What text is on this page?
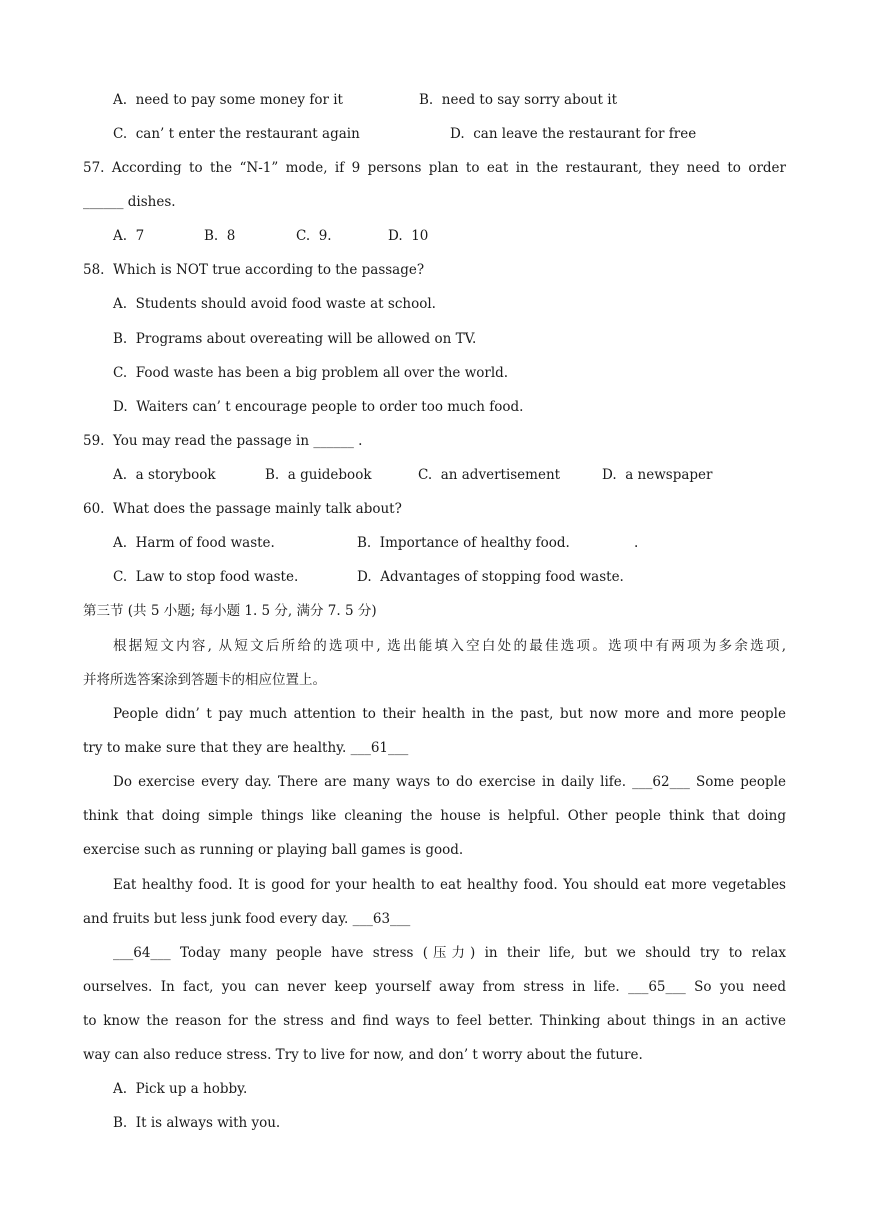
A.  need to pay some money for it	B.  need to say sorry about it
C.  can’ t enter the restaurant again	D.  can leave the restaurant for free
57. According to the “N-1” mode, if 9 persons plan to eat in the restaurant, they need to order
______ dishes.
A.  7	B.  8	C.  9.	D.  10
58.  Which is NOT true according to the passage?
A.  Students should avoid food waste at school.
B.  Programs about overeating will be allowed on TV.
C.  Food waste has been a big problem all over the world.
D.  Waiters can’ t encourage people to order too much food.
59.  You may read the passage in ______ .
A.  a storybook	B.  a guidebook	C.  an advertisement	D.  a newspaper
60.  What does the passage mainly talk about?
A.  Harm of food waste.	B.  Importance of healthy food.	.
C.  Law to stop food waste.	D.  Advantages of stopping food waste.
第三节 (共 5 小题; 每小题 1. 5 分, 满分 7. 5 分)
根据短文内容, 从短文后所给的选项中, 选出能填入空白处的最佳选项。选项中有两项为多余选项,
并将所选答案涂到答题卡的相应位置上。
People didn’ t pay much attention to their health in the past, but now more and more people
try to make sure that they are healthy. ___61___
Do exercise every day. There are many ways to do exercise in daily life. ___62___ Some people
think that doing simple things like cleaning the house is helpful. Other people think that doing
exercise such as running or playing ball games is good.
Eat healthy food. It is good for your health to eat healthy food. You should eat more vegetables
and fruits but less junk food every day. ___63___
___64___ Today many people have stress (压力) in their life, but we should try to relax
ourselves. In fact, you can never keep yourself away from stress in life. ___65___ So you need
to know the reason for the stress and find ways to feel better. Thinking about things in an active
way can also reduce stress. Try to live for now, and don’ t worry about the future.
A.  Pick up a hobby.
B.  It is always with you.
